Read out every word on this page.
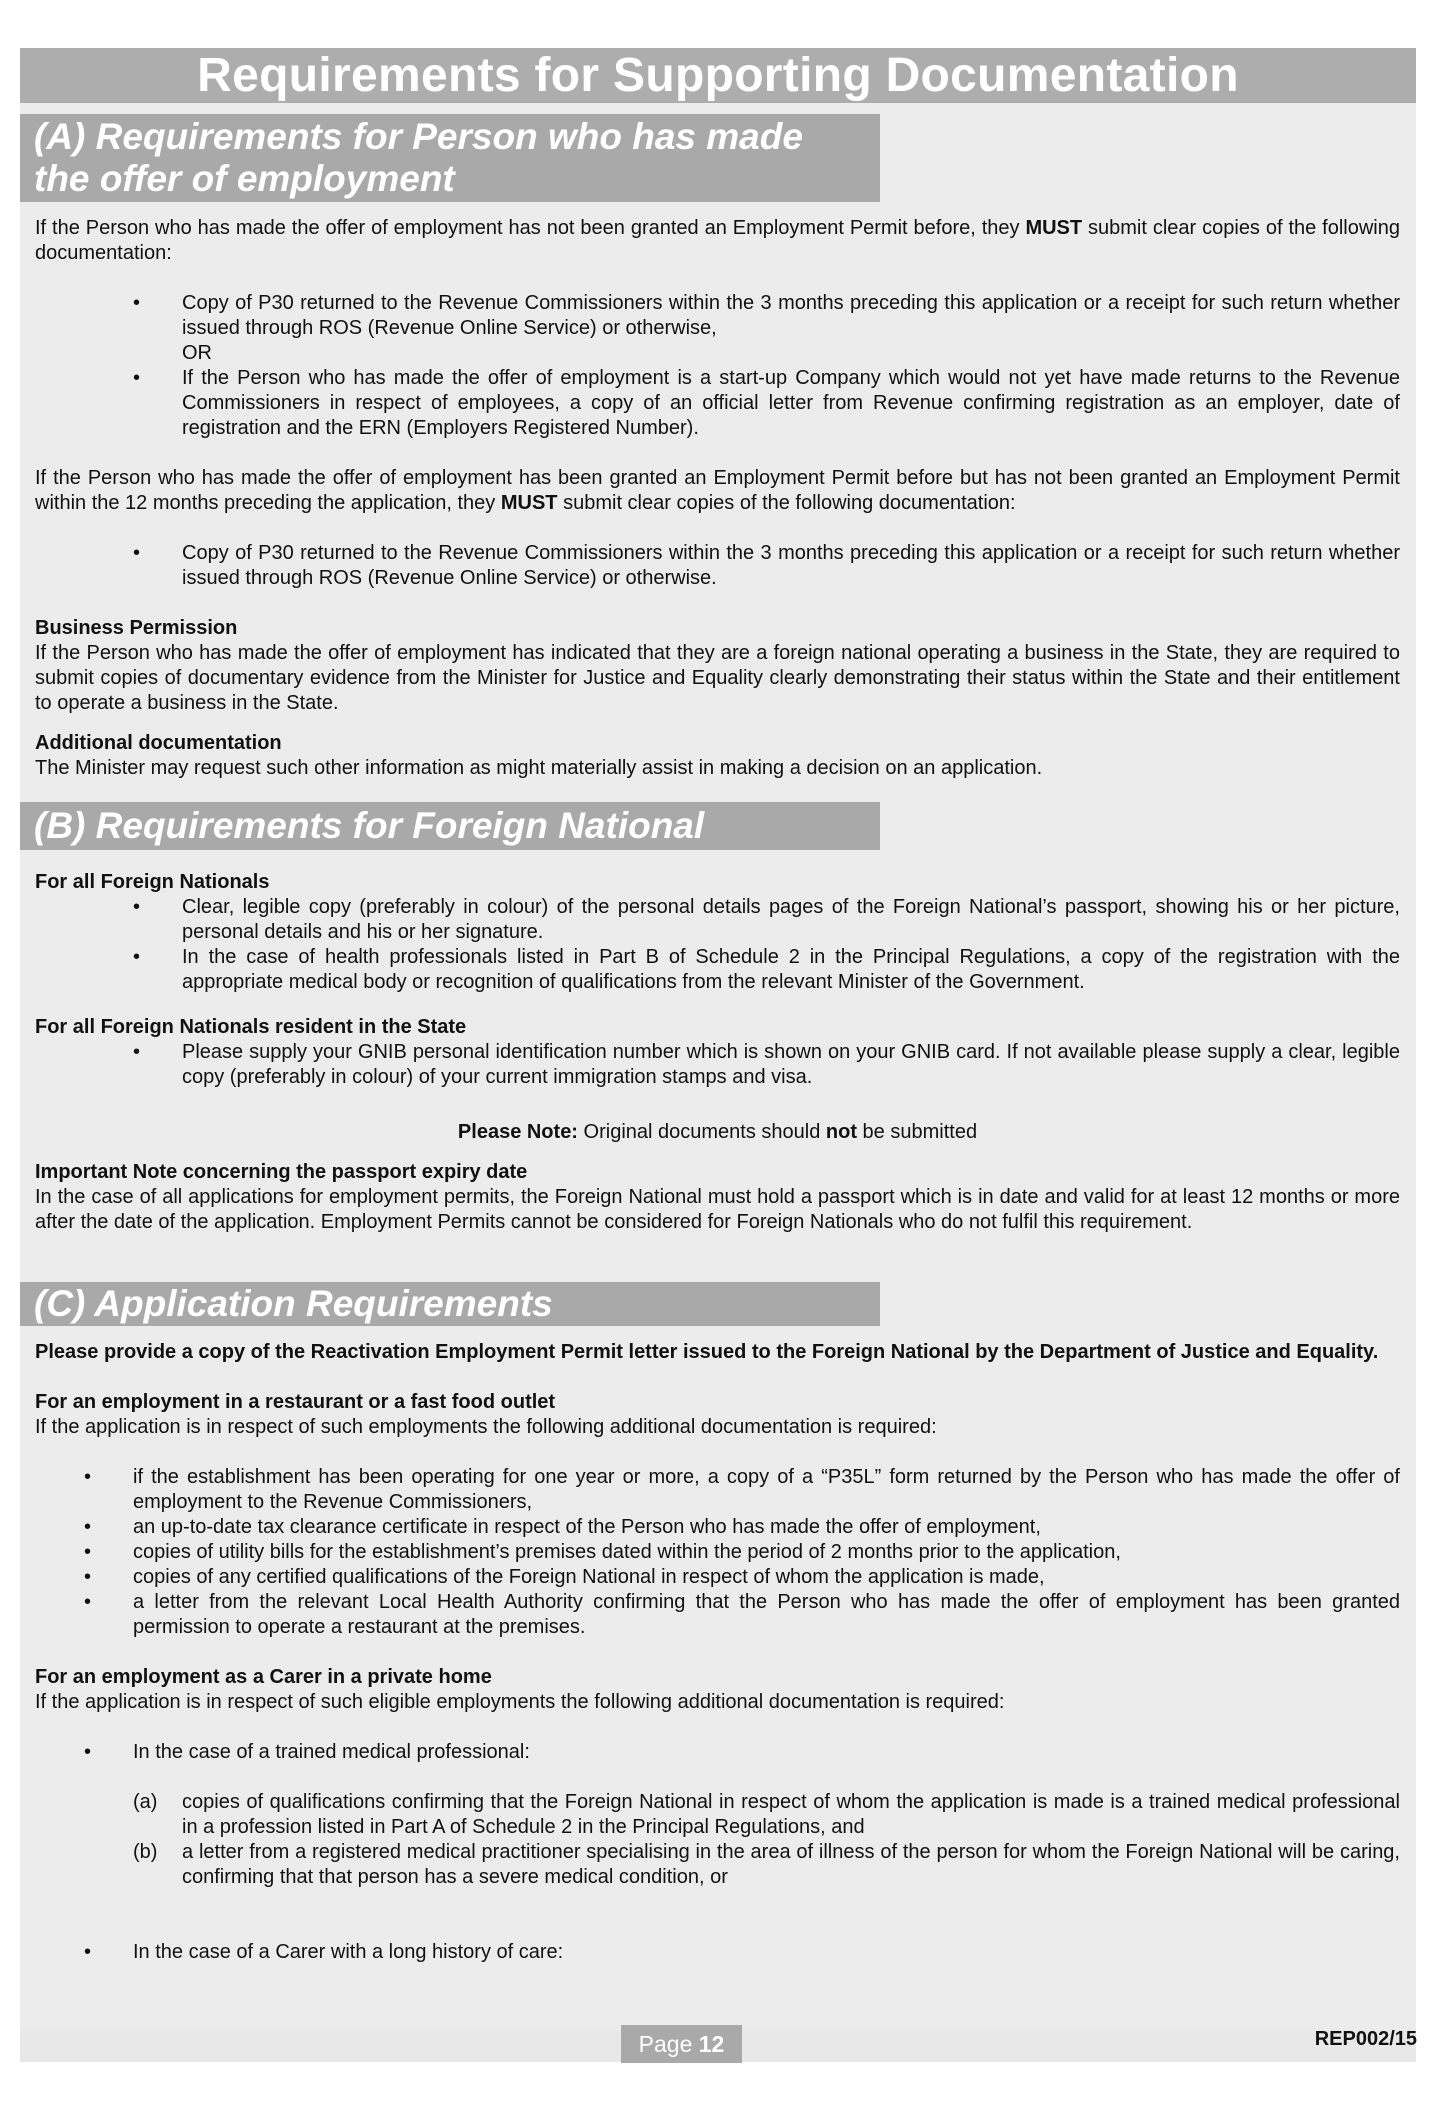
Requirements for Supporting Documentation
(A) Requirements for Person who has made
the offer of employment

If the Person who has made the offer of employment has not been granted an Employment Permit before, they MUST submit clear copies of the following documentation:

• Copy of P30 returned to the Revenue Commissioners within the 3 months preceding this application or a receipt for such return whether issued through ROS (Revenue Online Service) or otherwise,
OR
• If the Person who has made the offer of employment is a start-up Company which would not yet have made returns to the Revenue Commissioners in respect of employees, a copy of an official letter from Revenue confirming registration as an employer, date of registration and the ERN (Employers Registered Number).

If the Person who has made the offer of employment has been granted an Employment Permit before but has not been granted an Employment Permit within the 12 months preceding the application, they MUST submit clear copies of the following documentation:

• Copy of P30 returned to the Revenue Commissioners within the 3 months preceding this application or a receipt for such return whether issued through ROS (Revenue Online Service) or otherwise.
Business Permission

If the Person who has made the offer of employment has indicated that they are a foreign national operating a business in the State, they are required to submit copies of documentary evidence from the Minister for Justice and Equality clearly demonstrating their status within the State and their entitlement to operate a business in the State.

Additional documentation

The Minister may request such other information as might materially assist in making a decision on an application.

(B) Requirements for Foreign National
For all Foreign Nationals
• Clear, legible copy (preferably in colour) of the personal details pages of the Foreign National’s passport, showing his or her picture, personal details and his or her signature.
• In the case of health professionals listed in Part B of Schedule 2 in the Principal Regulations, a copy of the registration with the appropriate medical body or recognition of qualifications from the relevant Minister of the Government.
For all Foreign Nationals resident in the State
• Please supply your GNIB personal identification number which is shown on your GNIB card. If not available please supply a clear, legible copy (preferably in colour) of your current immigration stamps and visa.
Please Note: Original documents should not be submitted
Important Note concerning the passport expiry date

In the case of all applications for employment permits, the Foreign National must hold a passport which is in date and valid for at least 12 months or more after the date of the application. Employment Permits cannot be considered for Foreign Nationals who do not fulfil this requirement.

(C) Application Requirements

Please provide a copy of the Reactivation Employment Permit letter issued to the Foreign National by the Department of Justice and Equality.

For an employment in a restaurant or a fast food outlet

If the application is in respect of such employments the following additional documentation is required:

• if the establishment has been operating for one year or more, a copy of a “P35L” form returned by the Person who has made the offer of employment to the Revenue Commissioners,
• an up-to-date tax clearance certificate in respect of the Person who has made the offer of employment,
• copies of utility bills for the establishment’s premises dated within the period of 2 months prior to the application,
• copies of any certified qualifications of the Foreign National in respect of whom the application is made,
• a letter from the relevant Local Health Authority confirming that the Person who has made the offer of employment has been granted permission to operate a restaurant at the premises.
For an employment as a Carer in a private home

If the application is in respect of such eligible employments the following additional documentation is required:

• In the case of a trained medical professional:
(a) copies of qualifications confirming that the Foreign National in respect of whom the application is made is a trained medical professional in a profession listed in Part A of Schedule 2 in the Principal Regulations, and
(b) a letter from a registered medical practitioner specialising in the area of illness of the person for whom the Foreign National will be caring, confirming that that person has a severe medical condition, or
• In the case of a Carer with a long history of care:
Page 12	REP002/15
